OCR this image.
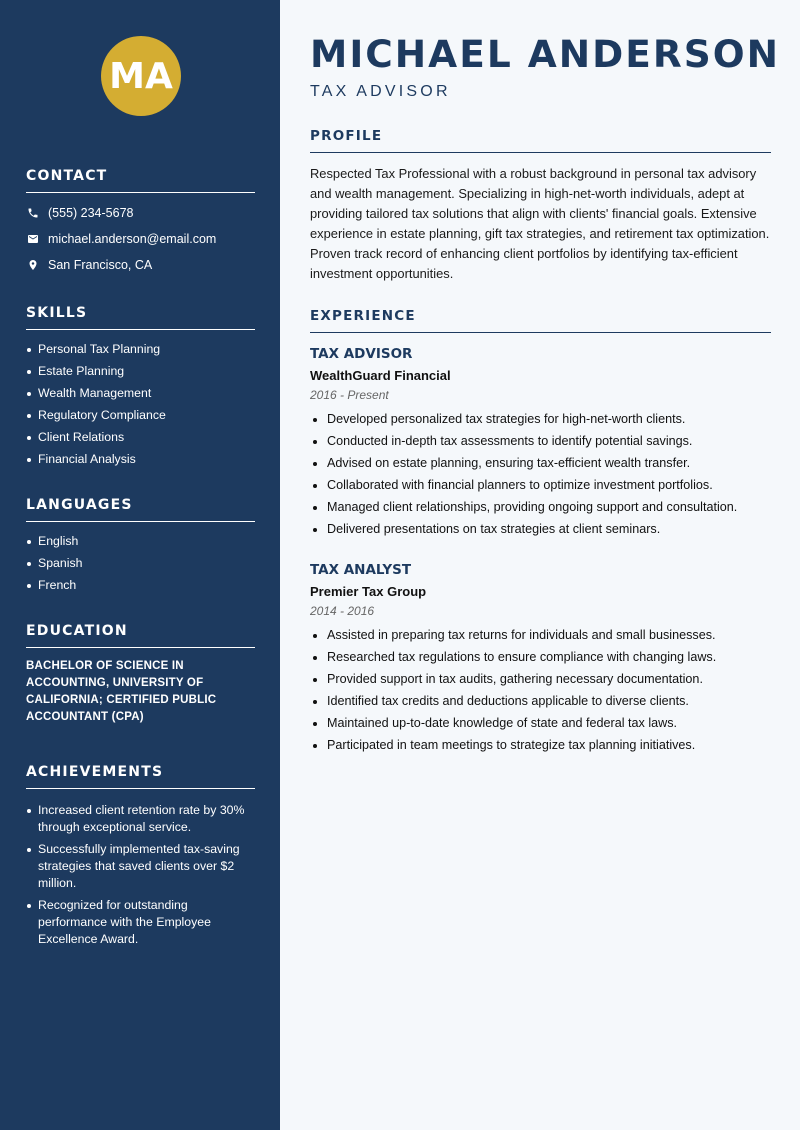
MA
CONTACT
(555) 234-5678
michael.anderson@email.com
San Francisco, CA
SKILLS
Personal Tax Planning
Estate Planning
Wealth Management
Regulatory Compliance
Client Relations
Financial Analysis
LANGUAGES
English
Spanish
French
EDUCATION

BACHELOR OF SCIENCE IN ACCOUNTING, UNIVERSITY OF CALIFORNIA; CERTIFIED PUBLIC ACCOUNTANT (CPA)

ACHIEVEMENTS
Increased client retention rate by 30% through exceptional service.
Successfully implemented tax-saving strategies that saved clients over $2 million.
Recognized for outstanding performance with the Employee Excellence Award.
MICHAEL ANDERSON
TAX ADVISOR
PROFILE

Respected Tax Professional with a robust background in personal tax advisory and wealth management. Specializing in high-net-worth individuals, adept at providing tailored tax solutions that align with clients' financial goals. Extensive experience in estate planning, gift tax strategies, and retirement tax optimization. Proven track record of enhancing client portfolios by identifying tax-efficient investment opportunities.

EXPERIENCE
TAX ADVISOR
WealthGuard Financial
2016 - Present
Developed personalized tax strategies for high-net-worth clients.
Conducted in-depth tax assessments to identify potential savings.
Advised on estate planning, ensuring tax-efficient wealth transfer.
Collaborated with financial planners to optimize investment portfolios.
Managed client relationships, providing ongoing support and consultation.
Delivered presentations on tax strategies at client seminars.
TAX ANALYST
Premier Tax Group
2014 - 2016
Assisted in preparing tax returns for individuals and small businesses.
Researched tax regulations to ensure compliance with changing laws.
Provided support in tax audits, gathering necessary documentation.
Identified tax credits and deductions applicable to diverse clients.
Maintained up-to-date knowledge of state and federal tax laws.
Participated in team meetings to strategize tax planning initiatives.
